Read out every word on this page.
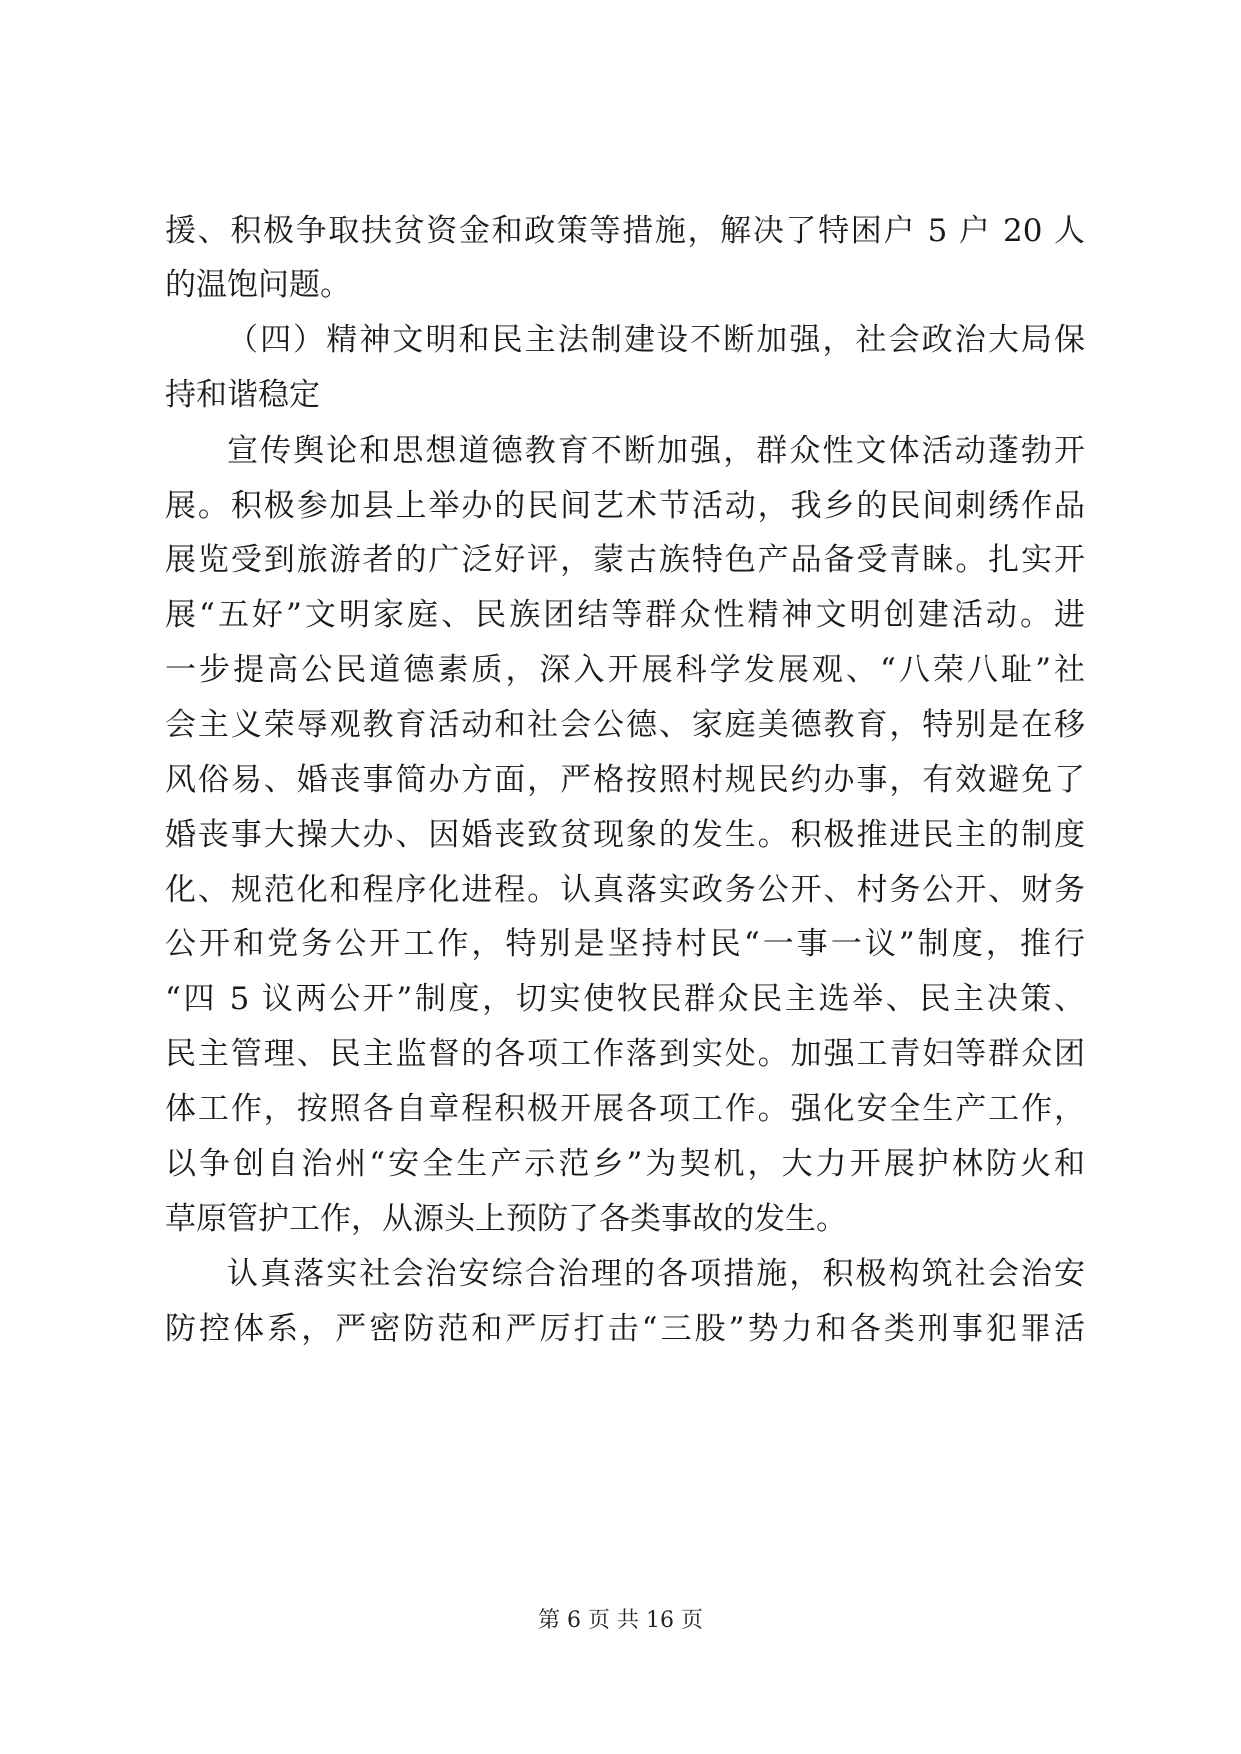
援、积极争取扶贫资金和政策等措施，解决了特困户 5 户 20 人
的温饱问题。
（四）精神文明和民主法制建设不断加强，社会政治大局保
持和谐稳定
宣传舆论和思想道德教育不断加强，群众性文体活动蓬勃开
展。积极参加县上举办的民间艺术节活动，我乡的民间刺绣作品
展览受到旅游者的广泛好评，蒙古族特色产品备受青睐。扎实开
展“五好”文明家庭、民族团结等群众性精神文明创建活动。进
一步提高公民道德素质，深入开展科学发展观、“八荣八耻”社
会主义荣辱观教育活动和社会公德、家庭美德教育，特别是在移
风俗易、婚丧事简办方面，严格按照村规民约办事，有效避免了
婚丧事大操大办、因婚丧致贫现象的发生。积极推进民主的制度
化、规范化和程序化进程。认真落实政务公开、村务公开、财务
公开和党务公开工作，特别是坚持村民“一事一议”制度，推行
“四 5 议两公开”制度，切实使牧民群众民主选举、民主决策、
民主管理、民主监督的各项工作落到实处。加强工青妇等群众团
体工作，按照各自章程积极开展各项工作。强化安全生产工作，
以争创自治州“安全生产示范乡”为契机，大力开展护林防火和
草原管护工作，从源头上预防了各类事故的发生。
认真落实社会治安综合治理的各项措施，积极构筑社会治安
防控体系，严密防范和严厉打击“三股”势力和各类刑事犯罪活
第 6 页 共 16 页
